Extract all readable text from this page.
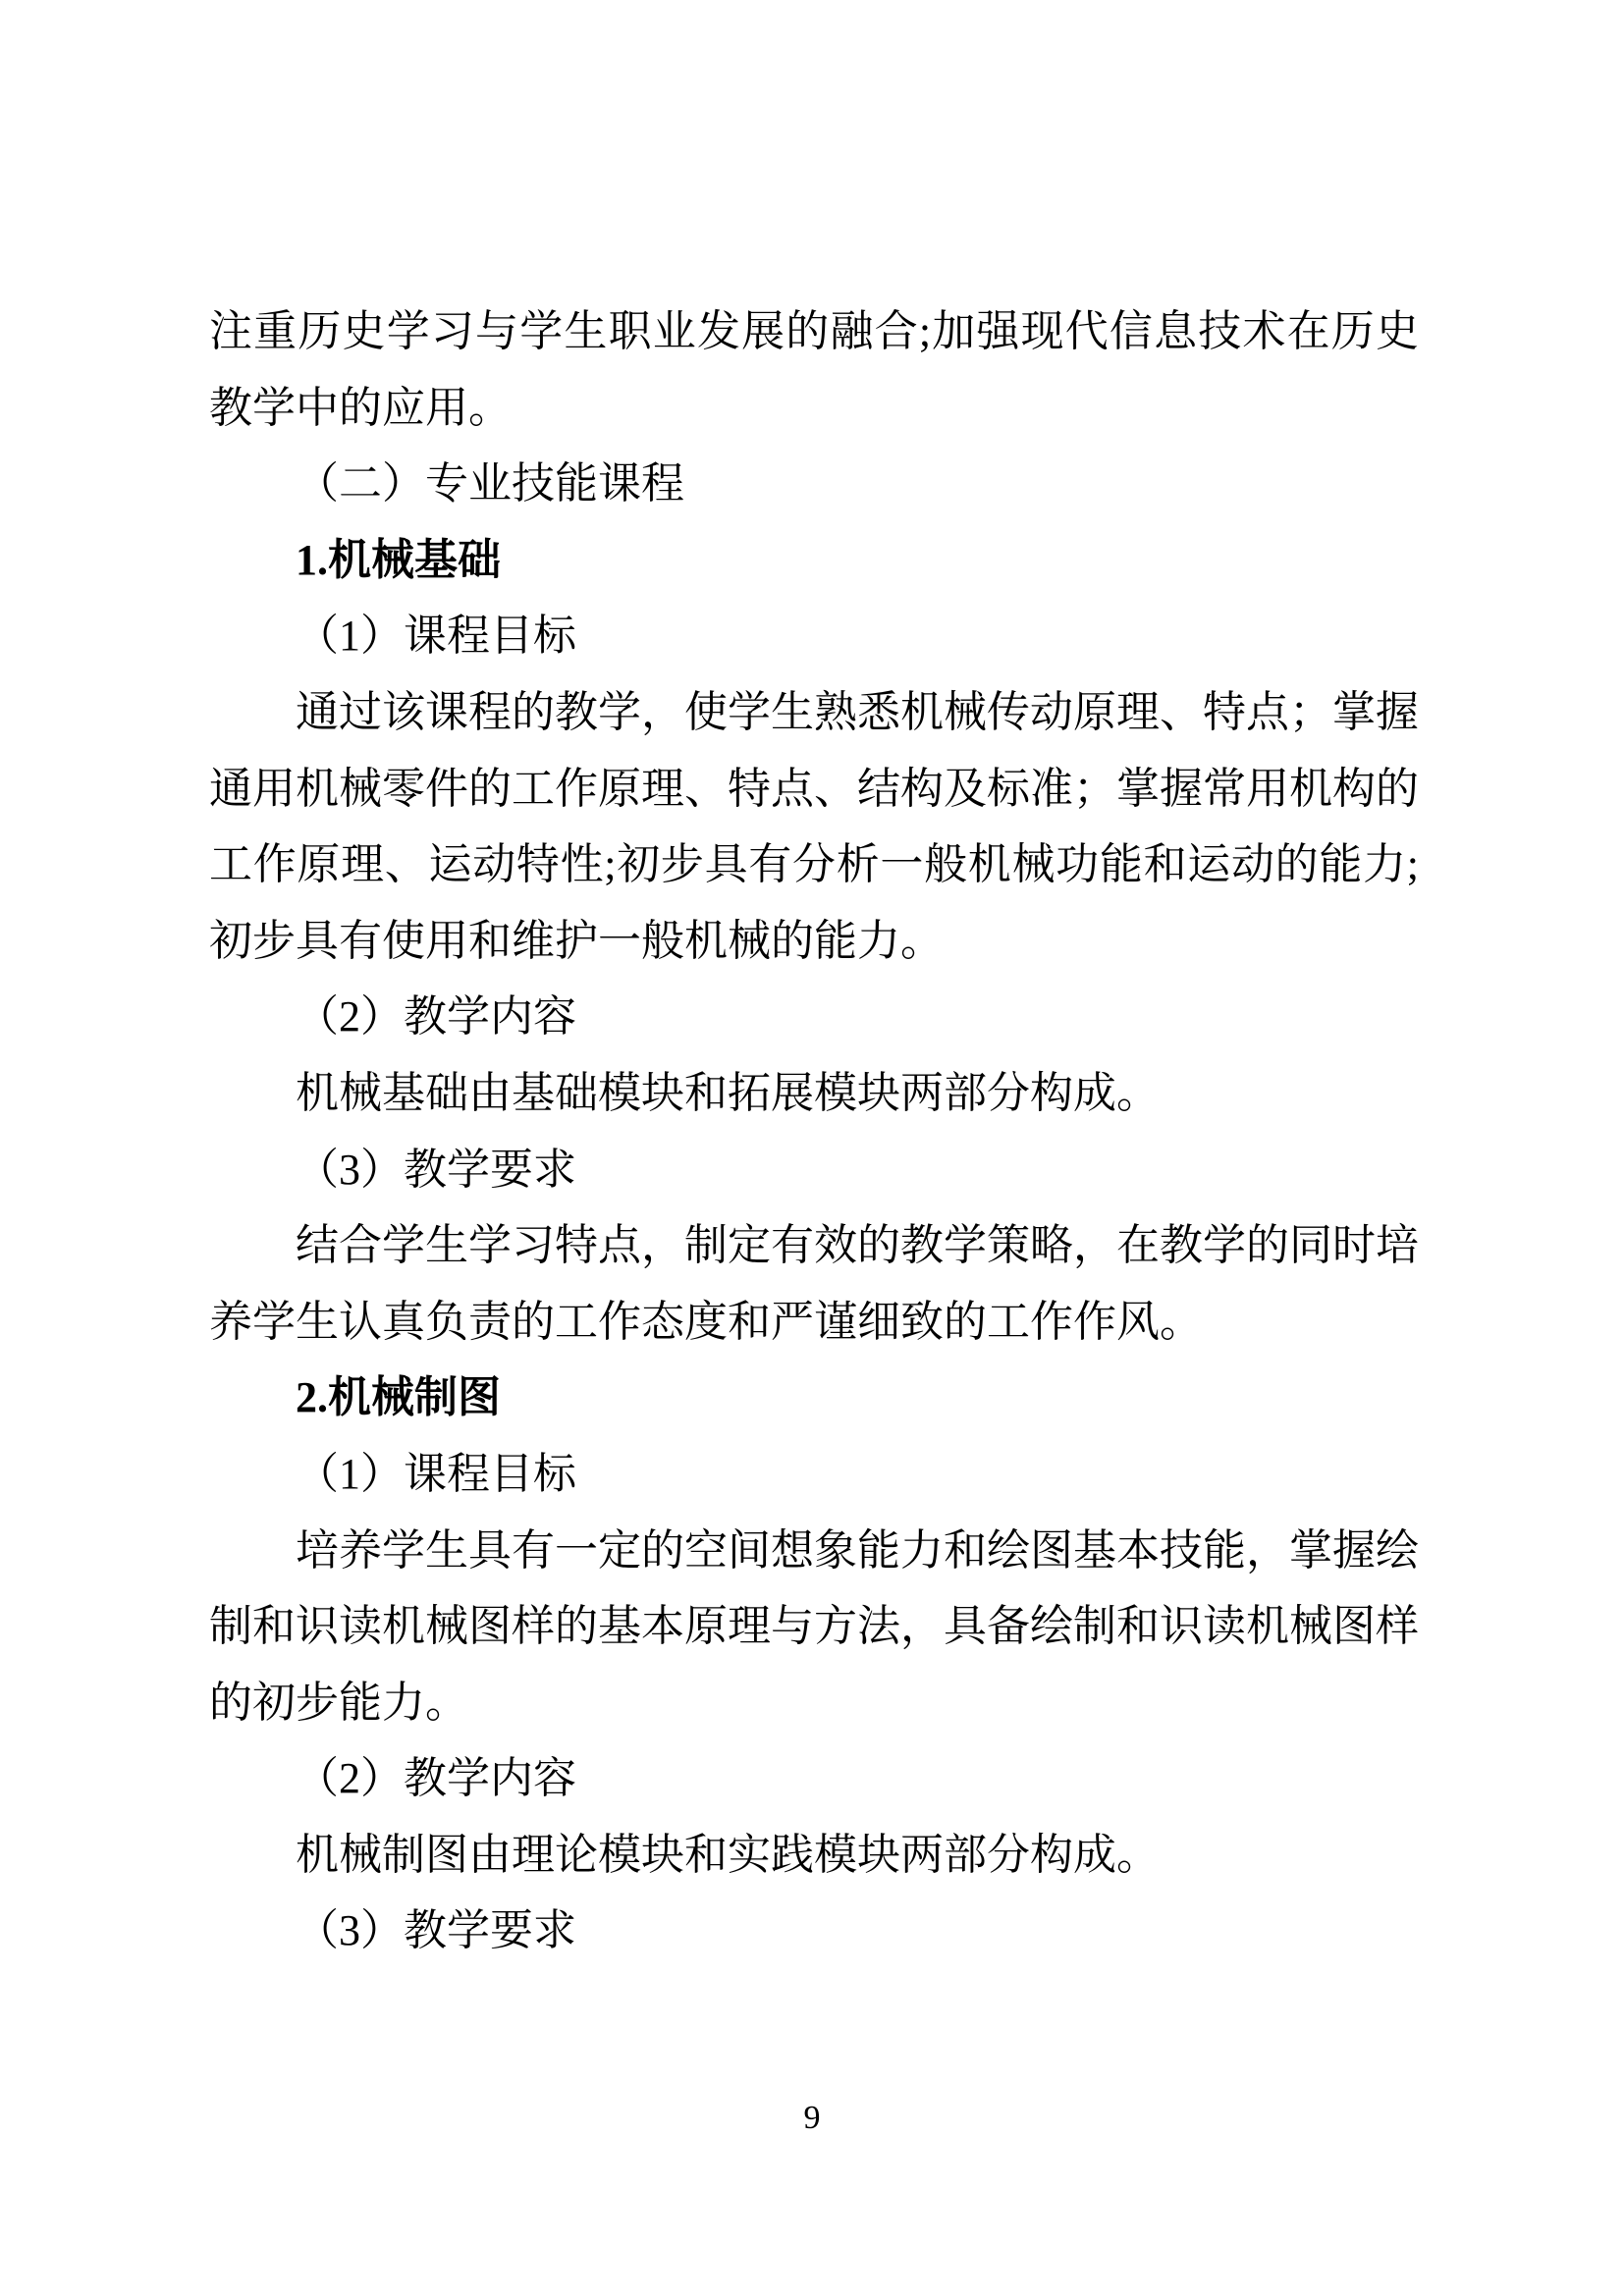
注重历史学习与学生职业发展的融合;加强现代信息技术在历史
教学中的应用。
（二）专业技能课程
1.机械基础
（1）课程目标
通过该课程的教学，使学生熟悉机械传动原理、特点；掌握
通用机械零件的工作原理、特点、结构及标准；掌握常用机构的
工作原理、运动特性;初步具有分析一般机械功能和运动的能力;
初步具有使用和维护一般机械的能力。
（2）教学内容
机械基础由基础模块和拓展模块两部分构成。
（3）教学要求
结合学生学习特点，制定有效的教学策略，在教学的同时培
养学生认真负责的工作态度和严谨细致的工作作风。
2.机械制图
（1）课程目标
培养学生具有一定的空间想象能力和绘图基本技能，掌握绘
制和识读机械图样的基本原理与方法，具备绘制和识读机械图样
的初步能力。
（2）教学内容
机械制图由理论模块和实践模块两部分构成。
（3）教学要求
9
